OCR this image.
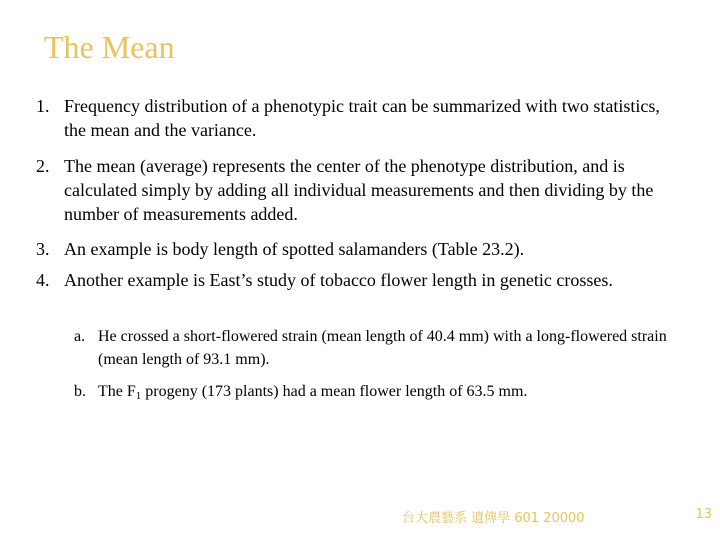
The Mean
1. Frequency distribution of a phenotypic trait can be summarized with two statistics, the mean and the variance.
2. The mean (average) represents the center of the phenotype distribution, and is calculated simply by adding all individual measurements and then dividing by the number of measurements added.
3. An example is body length of spotted salamanders (Table 23.2).
4. Another example is East’s study of tobacco flower length in genetic crosses.
a. He crossed a short-flowered strain (mean length of 40.4 mm) with a long-flowered strain (mean length of 93.1 mm).
b. The $F_1$ progeny (173 plants) had a mean flower length of 63.5 mm.
台大農藝系 遺傳學 601 20000	13
